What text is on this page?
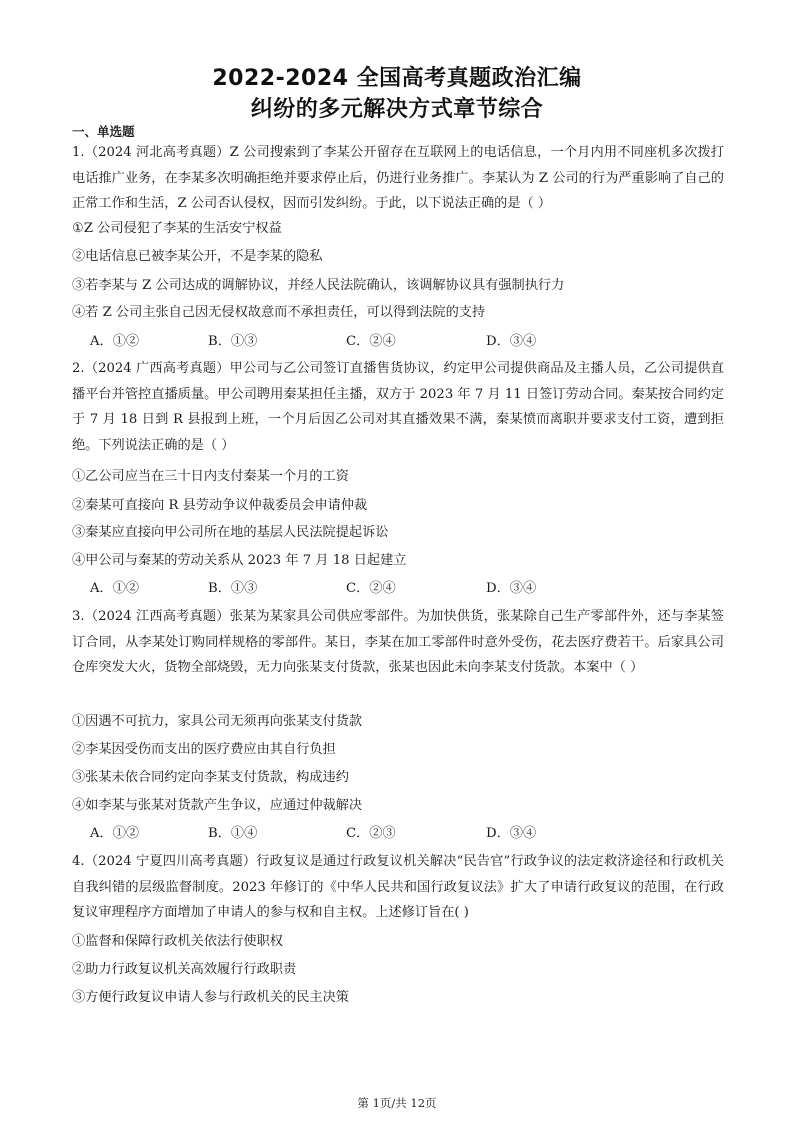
2022-2024 全国高考真题政治汇编
纠纷的多元解决方式章节综合
一、单选题
1.（2024 河北高考真题）Z 公司搜索到了李某公开留存在互联网上的电话信息，一个月内用不同座机多次拨打电话推广业务，在李某多次明确拒绝并要求停止后，仍进行业务推广。李某认为 Z 公司的行为严重影响了自己的正常工作和生活，Z 公司否认侵权，因而引发纠纷。于此，以下说法正确的是（ ）
①Z 公司侵犯了李某的生活安宁权益
②电话信息已被李某公开，不是李某的隐私
③若李某与 Z 公司达成的调解协议，并经人民法院确认，该调解协议具有强制执行力
④若 Z 公司主张自己因无侵权故意而不承担责任，可以得到法院的支持
A．①②	B．①③	C．②④	D．③④
2.（2024 广西高考真题）甲公司与乙公司签订直播售货协议，约定甲公司提供商品及主播人员，乙公司提供直播平台并管控直播质量。甲公司聘用秦某担任主播，双方于 2023 年 7 月 11 日签订劳动合同。秦某按合同约定于 7 月 18 日到 R 县报到上班，一个月后因乙公司对其直播效果不满，秦某愤而离职并要求支付工资，遭到拒绝。下列说法正确的是（ ）
①乙公司应当在三十日内支付秦某一个月的工资
②秦某可直接向 R 县劳动争议仲裁委员会申请仲裁
③秦某应直接向甲公司所在地的基层人民法院提起诉讼
④甲公司与秦某的劳动关系从 2023 年 7 月 18 日起建立
A．①②	B．①③	C．②④	D．③④
3.（2024 江西高考真题）张某为某家具公司供应零部件。为加快供货，张某除自己生产零部件外，还与李某签订合同，从李某处订购同样规格的零部件。某日，李某在加工零部件时意外受伤，花去医疗费若干。后家具公司仓库突发大火，货物全部烧毁，无力向张某支付货款，张某也因此未向李某支付货款。本案中（ ）
①因遇不可抗力，家具公司无须再向张某支付货款
②李某因受伤而支出的医疗费应由其自行负担
③张某未依合同约定向李某支付货款，构成违约
④如李某与张某对货款产生争议，应通过仲裁解决
A．①②	B．①④	C．②③	D．③④
4.（2024 宁夏四川高考真题）行政复议是通过行政复议机关解决“民告官”行政争议的法定救济途径和行政机关自我纠错的层级监督制度。2023 年修订的《中华人民共和国行政复议法》扩大了申请行政复议的范围，在行政复议审理程序方面增加了申请人的参与权和自主权。上述修订旨在( )
①监督和保障行政机关依法行使职权
②助力行政复议机关高效履行行政职责
③方便行政复议申请人参与行政机关的民主决策
第 1页/共 12页
